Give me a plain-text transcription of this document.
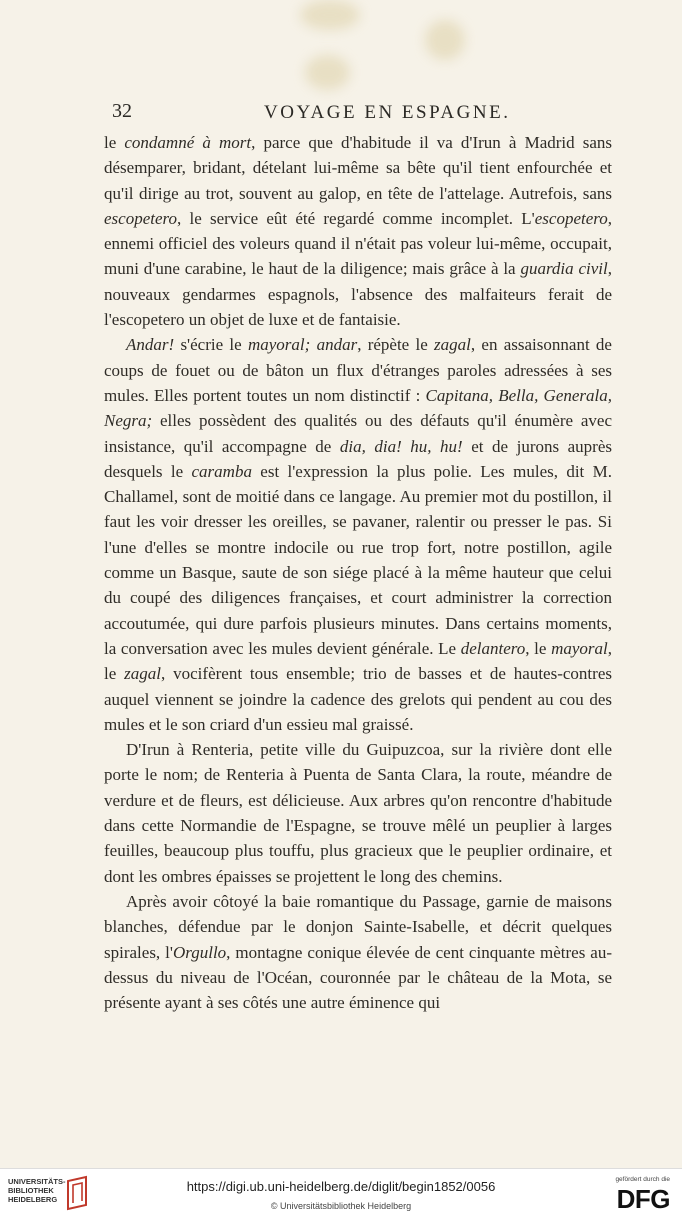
32	VOYAGE EN ESPAGNE.

le condamné à mort, parce que d'habitude il va d'Irun à Madrid sans désemparer, bridant, dételant lui-même sa bête qu'il tient enfourchée et qu'il dirige au trot, souvent au galop, en tête de l'attelage. Autrefois, sans escopetero, le service eût été regardé comme incomplet. L'escopetero, ennemi officiel des voleurs quand il n'était pas voleur lui-même, occupait, muni d'une carabine, le haut de la diligence; mais grâce à la guardia civil, nouveaux gendarmes espagnols, l'absence des malfaiteurs ferait de l'escopetero un objet de luxe et de fantaisie.

Andar! s'écrie le mayoral; andar, répète le zagal, en assaisonnant de coups de fouet ou de bâton un flux d'étranges paroles adressées à ses mules. Elles portent toutes un nom distinctif : Capitana, Bella, Generala, Negra; elles possèdent des qualités ou des défauts qu'il énumère avec insistance, qu'il accompagne de dia, dia! hu, hu! et de jurons auprès desquels le caramba est l'expression la plus polie. Les mules, dit M. Challamel, sont de moitié dans ce langage. Au premier mot du postillon, il faut les voir dresser les oreilles, se pavaner, ralentir ou presser le pas. Si l'une d'elles se montre indocile ou rue trop fort, notre postillon, agile comme un Basque, saute de son siége placé à la même hauteur que celui du coupé des diligences françaises, et court administrer la correction accoutumée, qui dure parfois plusieurs minutes. Dans certains moments, la conversation avec les mules devient générale. Le delantero, le mayoral, le zagal, vocifèrent tous ensemble; trio de basses et de hautes-contres auquel viennent se joindre la cadence des grelots qui pendent au cou des mules et le son criard d'un essieu mal graissé.

D'Irun à Renteria, petite ville du Guipuzcoa, sur la rivière dont elle porte le nom; de Renteria à Puenta de Santa Clara, la route, méandre de verdure et de fleurs, est délicieuse. Aux arbres qu'on rencontre d'habitude dans cette Normandie de l'Espagne, se trouve mêlé un peuplier à larges feuilles, beaucoup plus touffu, plus gracieux que le peuplier ordinaire, et dont les ombres épaisses se projettent le long des chemins.

Après avoir côtoyé la baie romantique du Passage, garnie de maisons blanches, défendue par le donjon Sainte-Isabelle, et décrit quelques spirales, l'Orgullo, montagne conique élevée de cent cinquante mètres au-dessus du niveau de l'Océan, couronnée par le château de la Mota, se présente ayant à ses côtés une autre éminence qui

UNIVERSITÄTS-
BIBLIOTHEK
HEIDELBERG
https://digi.ub.uni-heidelberg.de/diglit/begin1852/0056
© Universitätsbibliothek Heidelberg
gefördert durch die
DFG
